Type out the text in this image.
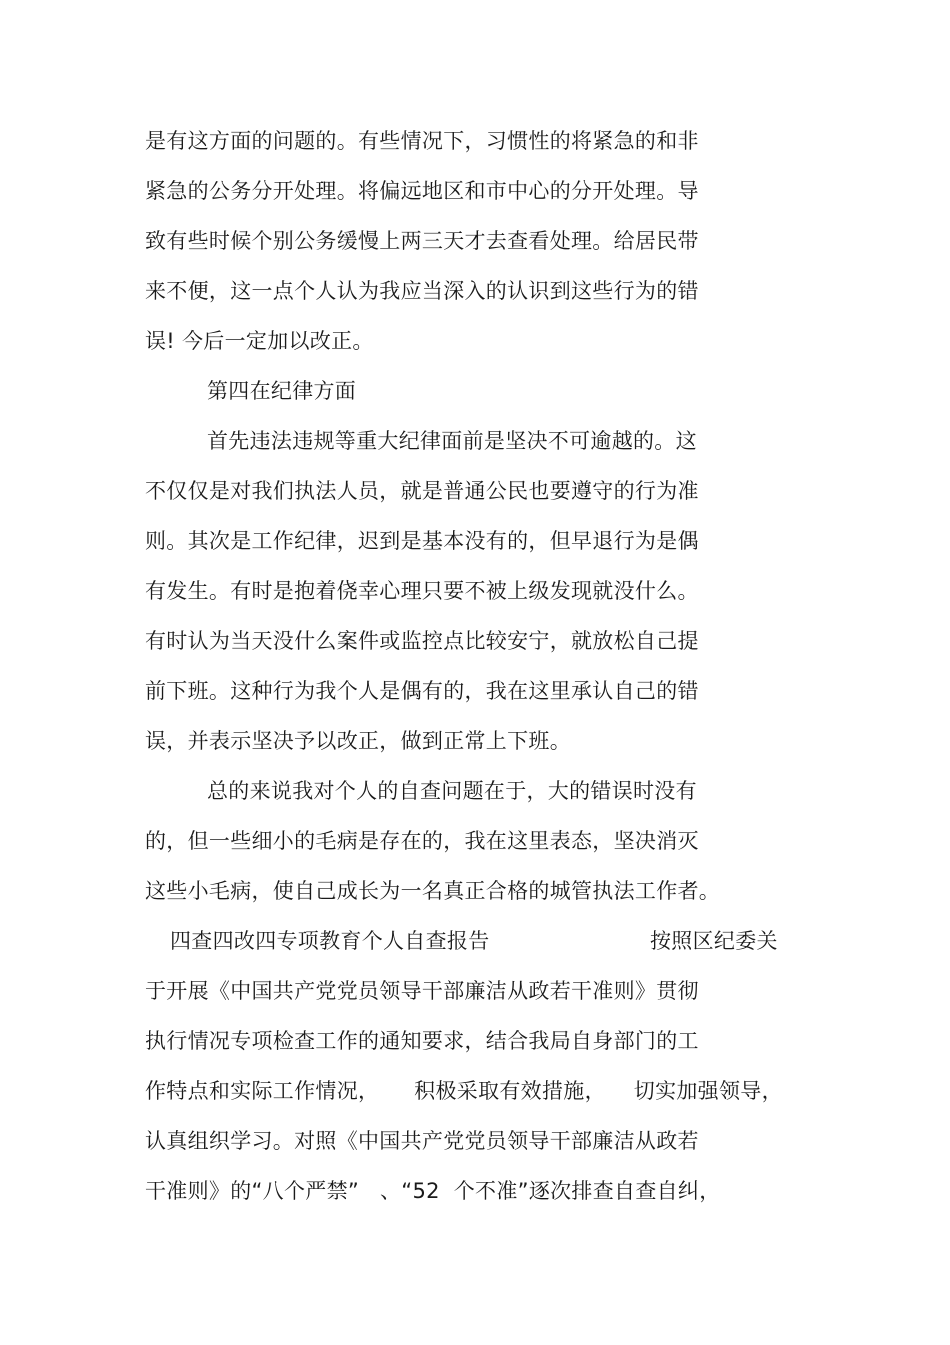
是有这方面的问题的。有些情况下，习惯性的将紧急的和非
紧急的公务分开处理。将偏远地区和市中心的分开处理。导
致有些时候个别公务缓慢上两三天才去查看处理。给居民带
来不便，这一点个人认为我应当深入的认识到这些行为的错
误! 今后一定加以改正。
第四在纪律方面
首先违法违规等重大纪律面前是坚决不可逾越的。这
不仅仅是对我们执法人员，就是普通公民也要遵守的行为准
则。其次是工作纪律，迟到是基本没有的，但早退行为是偶
有发生。有时是抱着侥幸心理只要不被上级发现就没什么。
有时认为当天没什么案件或监控点比较安宁，就放松自己提
前下班。这种行为我个人是偶有的，我在这里承认自己的错
误，并表示坚决予以改正，做到正常上下班。
总的来说我对个人的自查问题在于，大的错误时没有
的，但一些细小的毛病是存在的，我在这里表态，坚决消灭
这些小毛病，使自己成长为一名真正合格的城管执法工作者。
四查四改四专项教育个人自查报告	按照区纪委关
于开展《中国共产党党员领导干部廉洁从政若干准则》贯彻
执行情况专项检查工作的通知要求，结合我局自身部门的工
作特点和实际工作情况，     积极采取有效措施，    切实加强领导，
认真组织学习。对照《中国共产党党员领导干部廉洁从政若
干准则》的“八个严禁”   、“52  个不准”逐次排查自查自纠，
